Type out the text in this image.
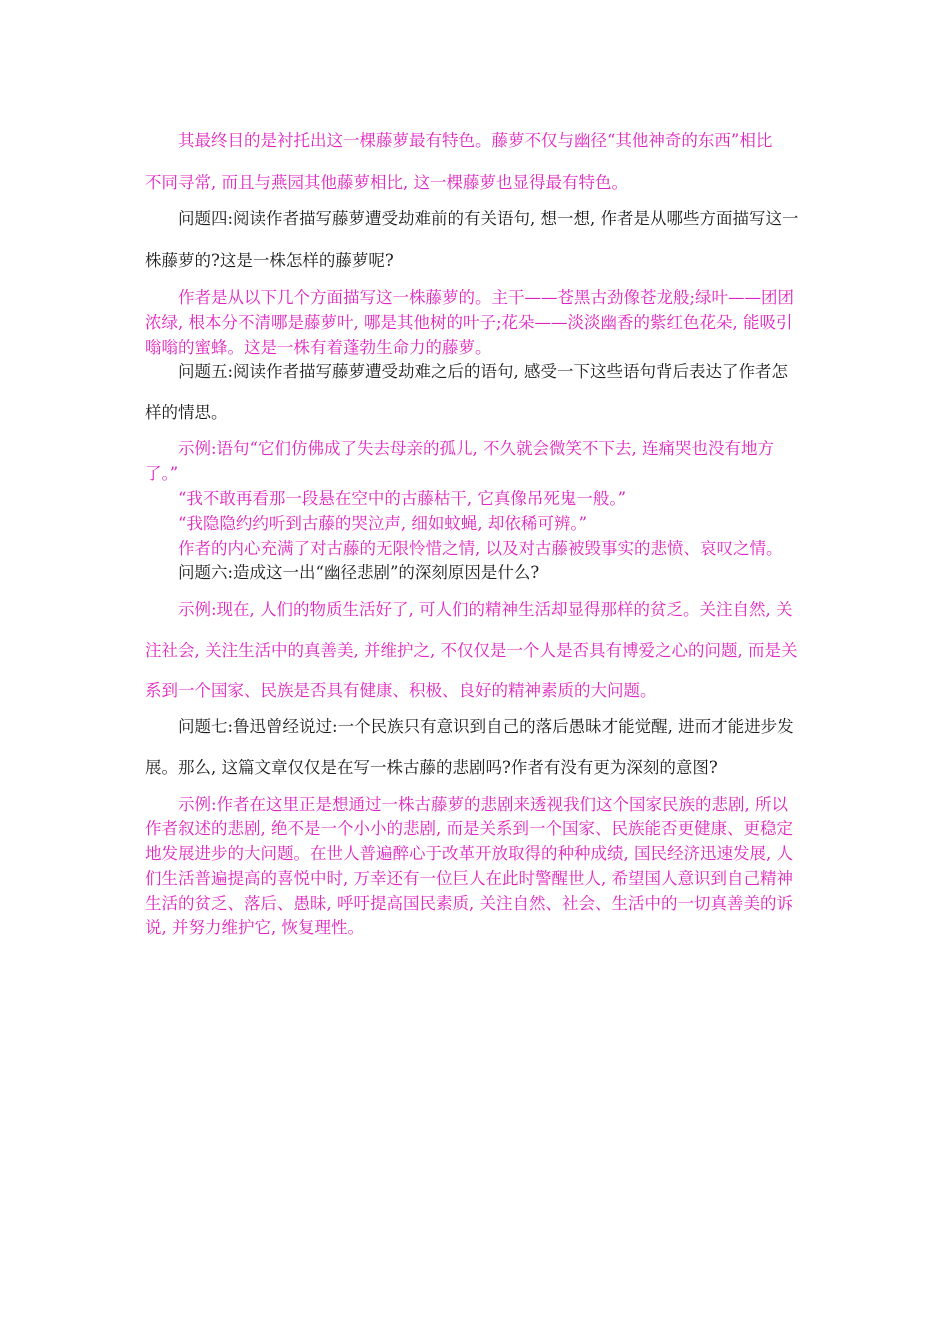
其最终目的是衬托出这一棵藤萝最有特色。藤萝不仅与幽径“其他神奇的东西”相比
不同寻常, 而且与燕园其他藤萝相比, 这一棵藤萝也显得最有特色。
问题四:阅读作者描写藤萝遭受劫难前的有关语句, 想一想, 作者是从哪些方面描写这一
株藤萝的?这是一株怎样的藤萝呢?
作者是从以下几个方面描写这一株藤萝的。主干——苍黑古劲像苍龙般;绿叶——团团
浓绿, 根本分不清哪是藤萝叶, 哪是其他树的叶子;花朵——淡淡幽香的紫红色花朵, 能吸引
嗡嗡的蜜蜂。这是一株有着蓬勃生命力的藤萝。
问题五:阅读作者描写藤萝遭受劫难之后的语句, 感受一下这些语句背后表达了作者怎
样的情思。
示例:语句“它们仿佛成了失去母亲的孤儿, 不久就会微笑不下去, 连痛哭也没有地方
了。”
“我不敢再看那一段悬在空中的古藤枯干, 它真像吊死鬼一般。”
“我隐隐约约听到古藤的哭泣声, 细如蚊蝇, 却依稀可辨。”
作者的内心充满了对古藤的无限怜惜之情, 以及对古藤被毁事实的悲愤、哀叹之情。
问题六:造成这一出“幽径悲剧”的深刻原因是什么?
示例:现在, 人们的物质生活好了, 可人们的精神生活却显得那样的贫乏。关注自然, 关
注社会, 关注生活中的真善美, 并维护之, 不仅仅是一个人是否具有博爱之心的问题, 而是关
系到一个国家、民族是否具有健康、积极、良好的精神素质的大问题。
问题七:鲁迅曾经说过:一个民族只有意识到自己的落后愚昧才能觉醒, 进而才能进步发
展。那么, 这篇文章仅仅是在写一株古藤的悲剧吗?作者有没有更为深刻的意图?
示例:作者在这里正是想通过一株古藤萝的悲剧来透视我们这个国家民族的悲剧, 所以
作者叙述的悲剧, 绝不是一个小小的悲剧, 而是关系到一个国家、民族能否更健康、更稳定
地发展进步的大问题。在世人普遍醉心于改革开放取得的种种成绩, 国民经济迅速发展, 人
们生活普遍提高的喜悦中时, 万幸还有一位巨人在此时警醒世人, 希望国人意识到自己精神
生活的贫乏、落后、愚昧, 呼吁提高国民素质, 关注自然、社会、生活中的一切真善美的诉
说, 并努力维护它, 恢复理性。
